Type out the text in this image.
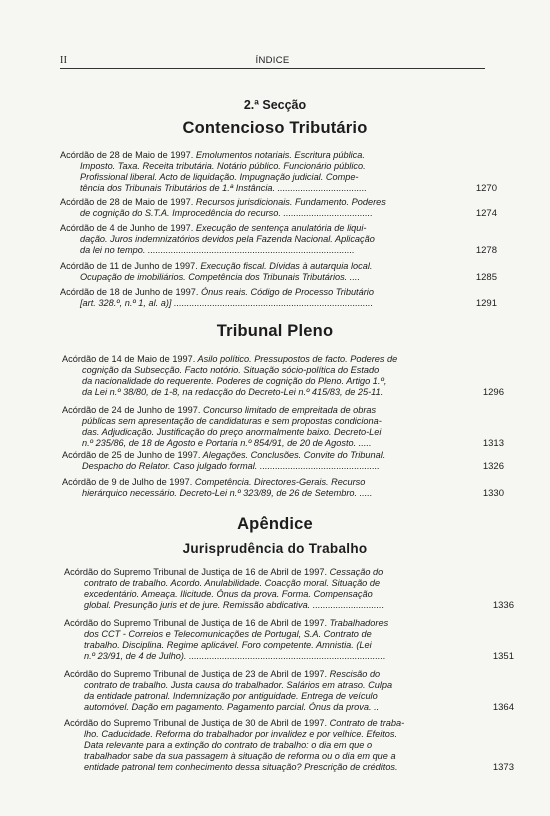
II	ÍNDICE
2.ª Secção
Contencioso Tributário
Acórdão de 28 de Maio de 1997. Emolumentos notariais. Escritura pública.
Imposto. Taxa. Receita tributária. Notário público. Funcionário público.
Profissional liberal. Acto de liquidação. Impugnação judicial. Compe-
tência dos Tribunais Tributários de 1.ª Instância. ...................................	1270
Acórdão de 28 de Maio de 1997. Recursos jurisdicionais. Fundamento. Poderes
de cognição do S.T.A. Improcedência do recurso. ...................................	1274
Acórdão de 4 de Junho de 1997. Execução de sentença anulatória de liqui-
dação. Juros indemnizatórios devidos pela Fazenda Nacional. Aplicação
da lei no tempo. .................................................................................	1278
Acórdão de 11 de Junho de 1997. Execução fiscal. Dívidas à autarquia local.
Ocupação de imobiliários. Competência dos Tribunais Tributários. ....	1285
Acórdão de 18 de Junho de 1997. Ónus reais. Código de Processo Tributário
[art. 328.º, n.º 1, al. a)] ..............................................................................	1291
Tribunal Pleno
Acórdão de 14 de Maio de 1997. Asilo político. Pressupostos de facto. Poderes de
cognição da Subsecção. Facto notório. Situação sócio-política do Estado
da nacionalidade do requerente. Poderes de cognição do Pleno. Artigo 1.º,
da Lei n.º 38/80, de 1-8, na redacção do Decreto-Lei n.º 415/83, de 25-11.	1296
Acórdão de 24 de Junho de 1997. Concurso limitado de empreitada de obras
públicas sem apresentação de candidaturas e sem propostas condiciona-
das. Adjudicação. Justificação do preço anormalmente baixo. Decreto-Lei
n.º 235/86, de 18 de Agosto e Portaria n.º 854/91, de 20 de Agosto. .....	1313
Acórdão de 25 de Junho de 1997. Alegações. Conclusões. Convite do Tribunal.
Despacho do Relator. Caso julgado formal. ...............................................	1326
Acórdão de 9 de Julho de 1997. Competência. Directores-Gerais. Recurso
hierárquico necessário. Decreto-Lei n.º 323/89, de 26 de Setembro. .....	1330
Apêndice
Jurisprudência do Trabalho
Acórdão do Supremo Tribunal de Justiça de 16 de Abril de 1997. Cessação do
contrato de trabalho. Acordo. Anulabilidade. Coacção moral. Situação de
excedentário. Ameaça. Ilicitude. Ónus da prova. Forma. Compensação
global. Presunção juris et de jure. Remissão abdicativa. ............................	1336
Acórdão do Supremo Tribunal de Justiça de 16 de Abril de 1997. Trabalhadores
dos CCT - Correios e Telecomunicações de Portugal, S.A. Contrato de
trabalho. Disciplina. Regime aplicável. Foro competente. Amnistia. (Lei
n.º 23/91, de 4 de Julho). .............................................................................	1351
Acórdão do Supremo Tribunal de Justiça de 23 de Abril de 1997. Rescisão do
contrato de trabalho. Justa causa do trabalhador. Salários em atraso. Culpa
da entidade patronal. Indemnização por antiguidade. Entrega de veículo
automóvel. Dação em pagamento. Pagamento parcial. Ónus da prova. ..	1364
Acórdão do Supremo Tribunal de Justiça de 30 de Abril de 1997. Contrato de traba-
lho. Caducidade. Reforma do trabalhador por invalidez e por velhice. Efeitos.
Data relevante para a extinção do contrato de trabalho: o dia em que o
trabalhador sabe da sua passagem à situação de reforma ou o dia em que a
entidade patronal tem conhecimento dessa situação? Prescrição de créditos.	1373
